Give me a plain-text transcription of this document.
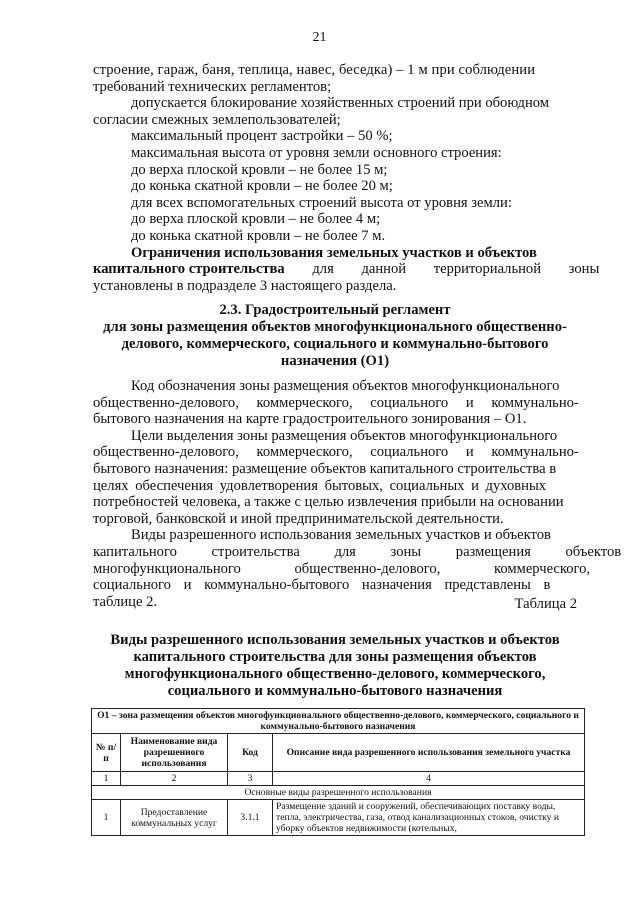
21
строение, гараж, баня, теплица, навес, беседка) – 1 м при соблюдении
требований технических регламентов;
допускается блокирование хозяйственных строений при обоюдном
согласии смежных землепользователей;
максимальный процент застройки – 50 %;
максимальная высота от уровня земли основного строения:
до верха плоской кровли – не более 15 м;
до конька скатной кровли – не более 20 м;
для всех вспомогательных строений высота от уровня земли:
до верха плоской кровли – не более 4 м;
до конька скатной кровли – не более 7 м.
Ограничения использования земельных участков и объектов
капитального строительства для данной территориальной зоны
установлены в подразделе 3 настоящего раздела.
2.3. Градостроительный регламент
для зоны размещения объектов многофункционального общественно-
делового, коммерческого, социального и коммунально-бытового
назначения (О1)
Код обозначения зоны размещения объектов многофункционального
общественно-делового, коммерческого, социального и коммунально-
бытового назначения на карте градостроительного зонирования – О1.
Цели выделения зоны размещения объектов многофункционального
общественно-делового, коммерческого, социального и коммунально-
бытового назначения: размещение объектов капитального строительства в
целях обеспечения удовлетворения бытовых, социальных и духовных
потребностей человека, а также с целью извлечения прибыли на основании
торговой, банковской и иной предпринимательской деятельности.
Виды разрешенного использования земельных участков и объектов
капитального строительства для зоны размещения объектов
многофункционального общественно-делового, коммерческого,
социального и коммунально-бытового назначения представлены в
таблице 2.	Таблица 2
Виды разрешенного использования земельных участков и объектов
капитального строительства для зоны размещения объектов
многофункционального общественно-делового, коммерческого,
социального и коммунально-бытового назначения
О1 – зона размещения объектов многофункционального общественно-делового, коммерческого, социального и коммунально-бытового назначения			
№ п/п	Наименование вида разрешенного использования	Код	Описание вида разрешенного использования земельного участка
1	2	3	4
Основные виды разрешенного использования			
1	Предоставление коммунальных услуг	3.1.1	Размещение зданий и сооружений, обеспечивающих поставку воды, тепла, электричества, газа, отвод канализационных стоков, очистку и уборку объектов недвижимости (котельных,
